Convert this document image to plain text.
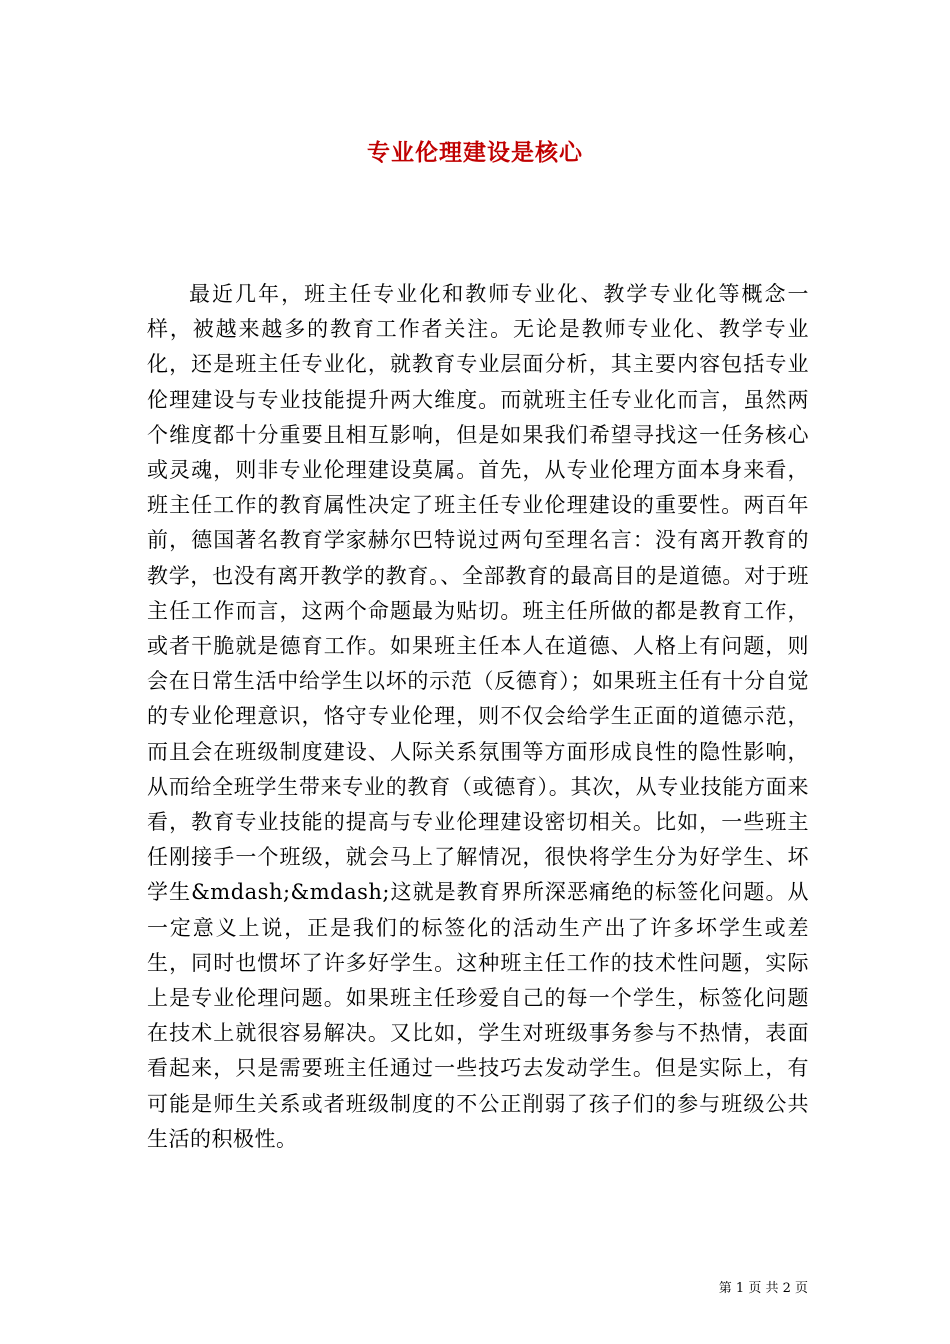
专业伦理建设是核心

最近几年，班主任专业化和教师专业化、教学专业化等概念一样，被越来越多的教育工作者关注。无论是教师专业化、教学专业化，还是班主任专业化，就教育专业层面分析，其主要内容包括专业伦理建设与专业技能提升两大维度。而就班主任专业化而言，虽然两个维度都十分重要且相互影响，但是如果我们希望寻找这一任务核心或灵魂，则非专业伦理建设莫属。首先，从专业伦理方面本身来看，班主任工作的教育属性决定了班主任专业伦理建设的重要性。两百年前，德国著名教育学家赫尔巴特说过两句至理名言：没有离开教育的教学，也没有离开教学的教育。、全部教育的最高目的是道德。对于班主任工作而言，这两个命题最为贴切。班主任所做的都是教育工作，或者干脆就是德育工作。如果班主任本人在道德、人格上有问题，则会在日常生活中给学生以坏的示范（反德育）；如果班主任有十分自觉的专业伦理意识，恪守专业伦理，则不仅会给学生正面的道德示范，而且会在班级制度建设、人际关系氛围等方面形成良性的隐性影响，从而给全班学生带来专业的教育（或德育）。其次，从专业技能方面来看，教育专业技能的提高与专业伦理建设密切相关。比如，一些班主任刚接手一个班级，就会马上了解情况，很快将学生分为好学生、坏学生&mdash;&mdash;这就是教育界所深恶痛绝的标签化问题。从一定意义上说，正是我们的标签化的活动生产出了许多坏学生或差生，同时也惯坏了许多好学生。这种班主任工作的技术性问题，实际上是专业伦理问题。如果班主任珍爱自己的每一个学生，标签化问题在技术上就很容易解决。又比如，学生对班级事务参与不热情，表面看起来，只是需要班主任通过一些技巧去发动学生。但是实际上，有可能是师生关系或者班级制度的不公正削弱了孩子们的参与班级公共生活的积极性。

第 1 页 共 2 页
